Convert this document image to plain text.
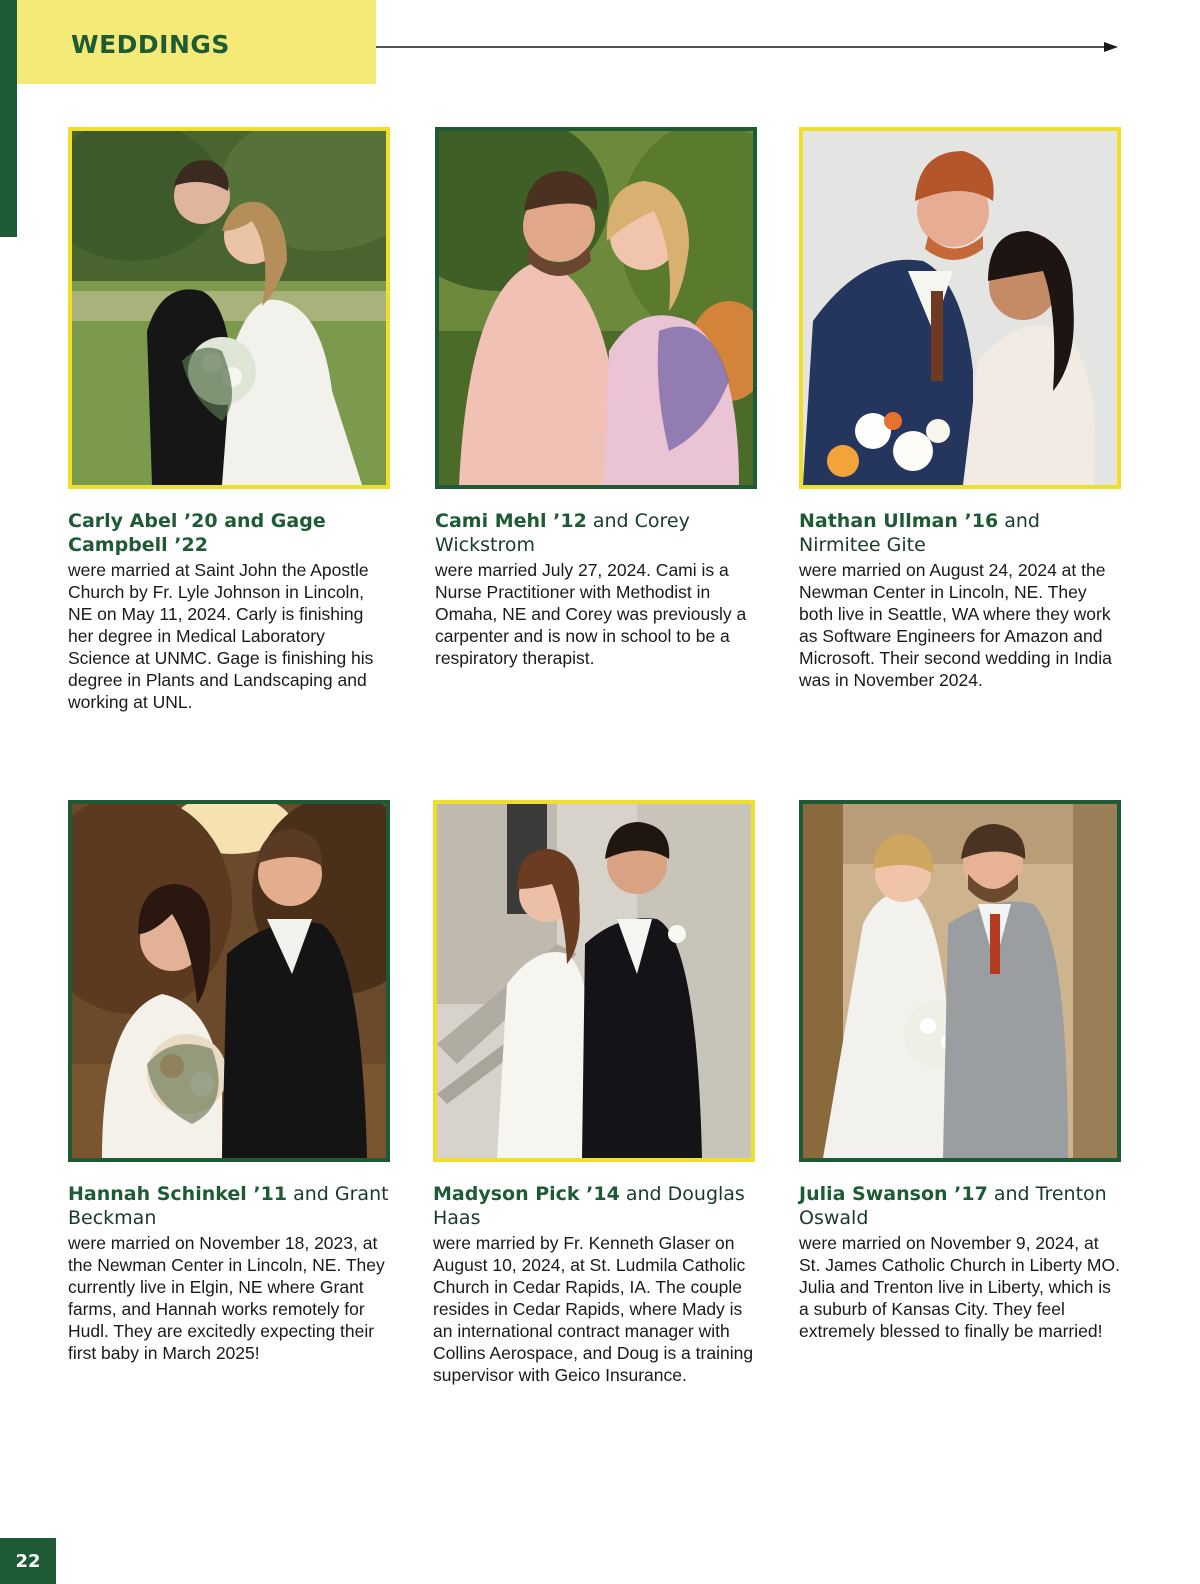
WEDDINGS
Carly Abel ’20 and Gage Campbell ’22

were married at Saint John the Apostle Church by Fr. Lyle Johnson in Lincoln, NE on May 11, 2024. Carly is finishing her degree in Medical Laboratory Science at UNMC. Gage is finishing his degree in Plants and Landscaping and working at UNL.

Cami Mehl ’12 and Corey Wickstrom

were married July 27, 2024. Cami is a Nurse Practitioner with Methodist in Omaha, NE and Corey was previously a carpenter and is now in school to be a respiratory therapist.

Nathan Ullman ’16 and Nirmitee Gite

were married on August 24, 2024 at the Newman Center in Lincoln, NE. They both live in Seattle, WA where they work as Software Engineers for Amazon and Microsoft. Their second wedding in India was in November 2024.

Hannah Schinkel ’11 and Grant Beckman

were married on November 18, 2023, at the Newman Center in Lincoln, NE. They currently live in Elgin, NE where Grant farms, and Hannah works remotely for Hudl. They are excitedly expecting their first baby in March 2025!

Madyson Pick ’14 and Douglas Haas

were married by Fr. Kenneth Glaser on August 10, 2024, at St. Ludmila Catholic Church in Cedar Rapids, IA. The couple resides in Cedar Rapids, where Mady is an international contract manager with Collins Aerospace, and Doug is a training supervisor with Geico Insurance.

Julia Swanson ’17 and Trenton Oswald

were married on November 9, 2024, at St. James Catholic Church in Liberty MO. Julia and Trenton live in Liberty, which is a suburb of Kansas City. They feel extremely blessed to finally be married!

22
